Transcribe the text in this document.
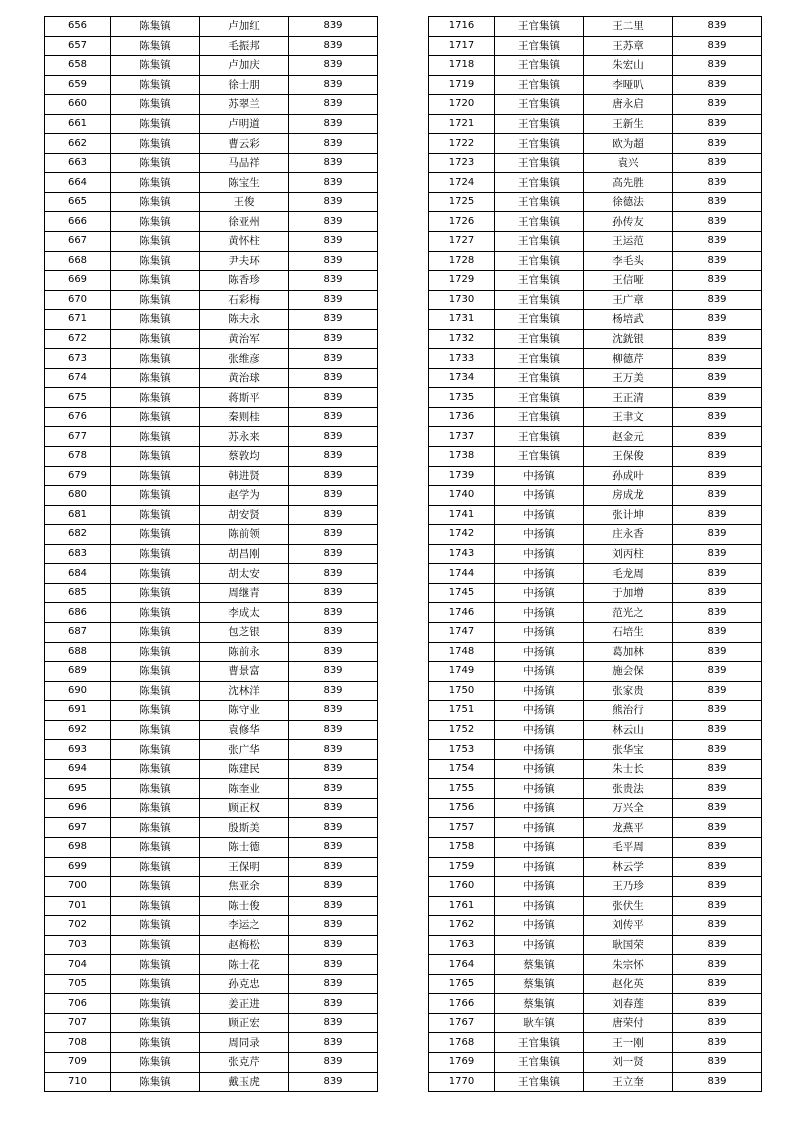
656	陈集镇	卢加红	839
657	陈集镇	毛振邦	839
658	陈集镇	卢加庆	839
659	陈集镇	徐士朋	839
660	陈集镇	苏翠兰	839
661	陈集镇	卢明道	839
662	陈集镇	曹云彩	839
663	陈集镇	马品祥	839
664	陈集镇	陈宝生	839
665	陈集镇	王俊	839
666	陈集镇	徐亚州	839
667	陈集镇	黄怀柱	839
668	陈集镇	尹夫环	839
669	陈集镇	陈香珍	839
670	陈集镇	石彩梅	839
671	陈集镇	陈夫永	839
672	陈集镇	黄治军	839
673	陈集镇	张维彦	839
674	陈集镇	黄治球	839
675	陈集镇	蒋斯平	839
676	陈集镇	秦则桂	839
677	陈集镇	苏永来	839
678	陈集镇	蔡敦均	839
679	陈集镇	韩进贤	839
680	陈集镇	赵学为	839
681	陈集镇	胡安贤	839
682	陈集镇	陈前领	839
683	陈集镇	胡昌刚	839
684	陈集镇	胡太安	839
685	陈集镇	周继青	839
686	陈集镇	李成太	839
687	陈集镇	包芝银	839
688	陈集镇	陈前永	839
689	陈集镇	曹景富	839
690	陈集镇	沈林洋	839
691	陈集镇	陈守业	839
692	陈集镇	袁修华	839
693	陈集镇	张广华	839
694	陈集镇	陈建民	839
695	陈集镇	陈奎业	839
696	陈集镇	顾正权	839
697	陈集镇	殷斯美	839
698	陈集镇	陈士德	839
699	陈集镇	王保明	839
700	陈集镇	焦亚余	839
701	陈集镇	陈士俊	839
702	陈集镇	李运之	839
703	陈集镇	赵梅松	839
704	陈集镇	陈士花	839
705	陈集镇	孙克忠	839
706	陈集镇	姜正进	839
707	陈集镇	顾正宏	839
708	陈集镇	周同录	839
709	陈集镇	张克芹	839
710	陈集镇	戴玉虎	839
1716	王官集镇	王二里	839
1717	王官集镇	王苏章	839
1718	王官集镇	朱宏山	839
1719	王官集镇	李哑叭	839
1720	王官集镇	唐永启	839
1721	王官集镇	王新生	839
1722	王官集镇	欧为超	839
1723	王官集镇	袁兴	839
1724	王官集镇	高先胜	839
1725	王官集镇	徐德法	839
1726	王官集镇	孙传友	839
1727	王官集镇	王运范	839
1728	王官集镇	李毛头	839
1729	王官集镇	王信哑	839
1730	王官集镇	王广章	839
1731	王官集镇	杨培武	839
1732	王官集镇	沈銧银	839
1733	王官集镇	柳德芹	839
1734	王官集镇	王万美	839
1735	王官集镇	王正清	839
1736	王官集镇	王聿文	839
1737	王官集镇	赵金元	839
1738	王官集镇	王保俊	839
1739	中扬镇	孙成叶	839
1740	中扬镇	房成龙	839
1741	中扬镇	张计坤	839
1742	中扬镇	庄永香	839
1743	中扬镇	刘丙柱	839
1744	中扬镇	毛龙周	839
1745	中扬镇	于加增	839
1746	中扬镇	范光之	839
1747	中扬镇	石培生	839
1748	中扬镇	葛加林	839
1749	中扬镇	施会保	839
1750	中扬镇	张家贵	839
1751	中扬镇	熊治行	839
1752	中扬镇	林云山	839
1753	中扬镇	张华宝	839
1754	中扬镇	朱士长	839
1755	中扬镇	张贵法	839
1756	中扬镇	万兴全	839
1757	中扬镇	龙燕平	839
1758	中扬镇	毛平周	839
1759	中扬镇	林云学	839
1760	中扬镇	王乃珍	839
1761	中扬镇	张伏生	839
1762	中扬镇	刘传平	839
1763	中扬镇	耿国荣	839
1764	蔡集镇	朱宗怀	839
1765	蔡集镇	赵化英	839
1766	蔡集镇	刘春莲	839
1767	耿车镇	唐荣付	839
1768	王官集镇	王一刚	839
1769	王官集镇	刘一贤	839
1770	王官集镇	王立奎	839
